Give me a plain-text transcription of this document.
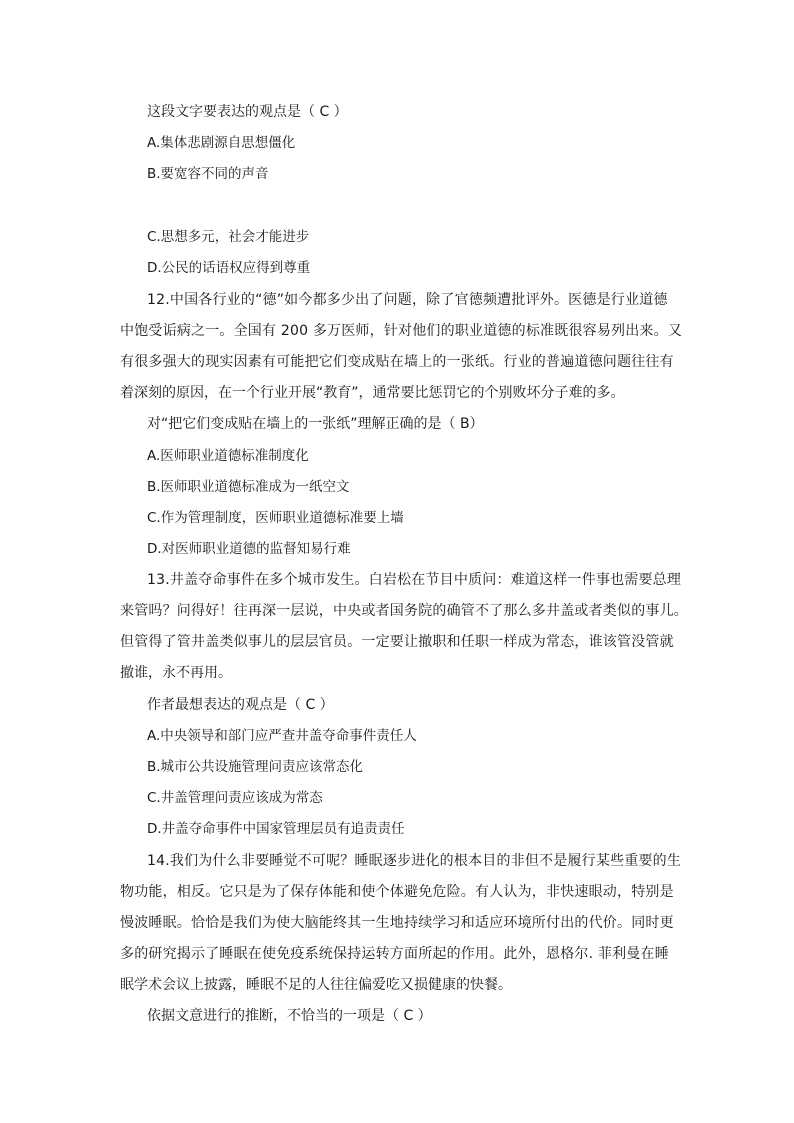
这段文字要表达的观点是（ C ）
A.集体悲剧源自思想僵化
B.要宽容不同的声音
C.思想多元，社会才能进步
D.公民的话语权应得到尊重
12.中国各行业的“德”如今都多少出了问题，除了官德频遭批评外。医德是行业道德
中饱受诟病之一。全国有 200 多万医师，针对他们的职业道德的标准既很容易列出来。又
有很多强大的现实因素有可能把它们变成贴在墙上的一张纸。行业的普遍道德问题往往有
着深刻的原因，在一个行业开展“教育”，通常要比惩罚它的个别败坏分子难的多。
对“把它们变成贴在墙上的一张纸”理解正确的是（ B）
A.医师职业道德标准制度化
B.医师职业道德标准成为一纸空文
C.作为管理制度，医师职业道德标准要上墙
D.对医师职业道德的监督知易行难
13.井盖夺命事件在多个城市发生。白岩松在节目中质问：难道这样一件事也需要总理
来管吗？问得好！往再深一层说，中央或者国务院的确管不了那么多井盖或者类似的事儿。
但管得了管井盖类似事儿的层层官员。一定要让撤职和任职一样成为常态，谁该管没管就
撤谁，永不再用。
作者最想表达的观点是（ C ）
A.中央领导和部门应严查井盖夺命事件责任人
B.城市公共设施管理问责应该常态化
C.井盖管理问责应该成为常态
D.井盖夺命事件中国家管理层员有追责责任
14.我们为什么非要睡觉不可呢？睡眠逐步进化的根本目的非但不是履行某些重要的生
物功能，相反。它只是为了保存体能和使个体避免危险。有人认为，非快速眼动，特别是
慢波睡眠。恰恰是我们为使大脑能终其一生地持续学习和适应环境所付出的代价。同时更
多的研究揭示了睡眠在使免疫系统保持运转方面所起的作用。此外，恩格尔. 菲利曼在睡
眠学术会议上披露，睡眠不足的人往往偏爱吃又损健康的快餐。
依据文意进行的推断，不恰当的一项是（ C ）
